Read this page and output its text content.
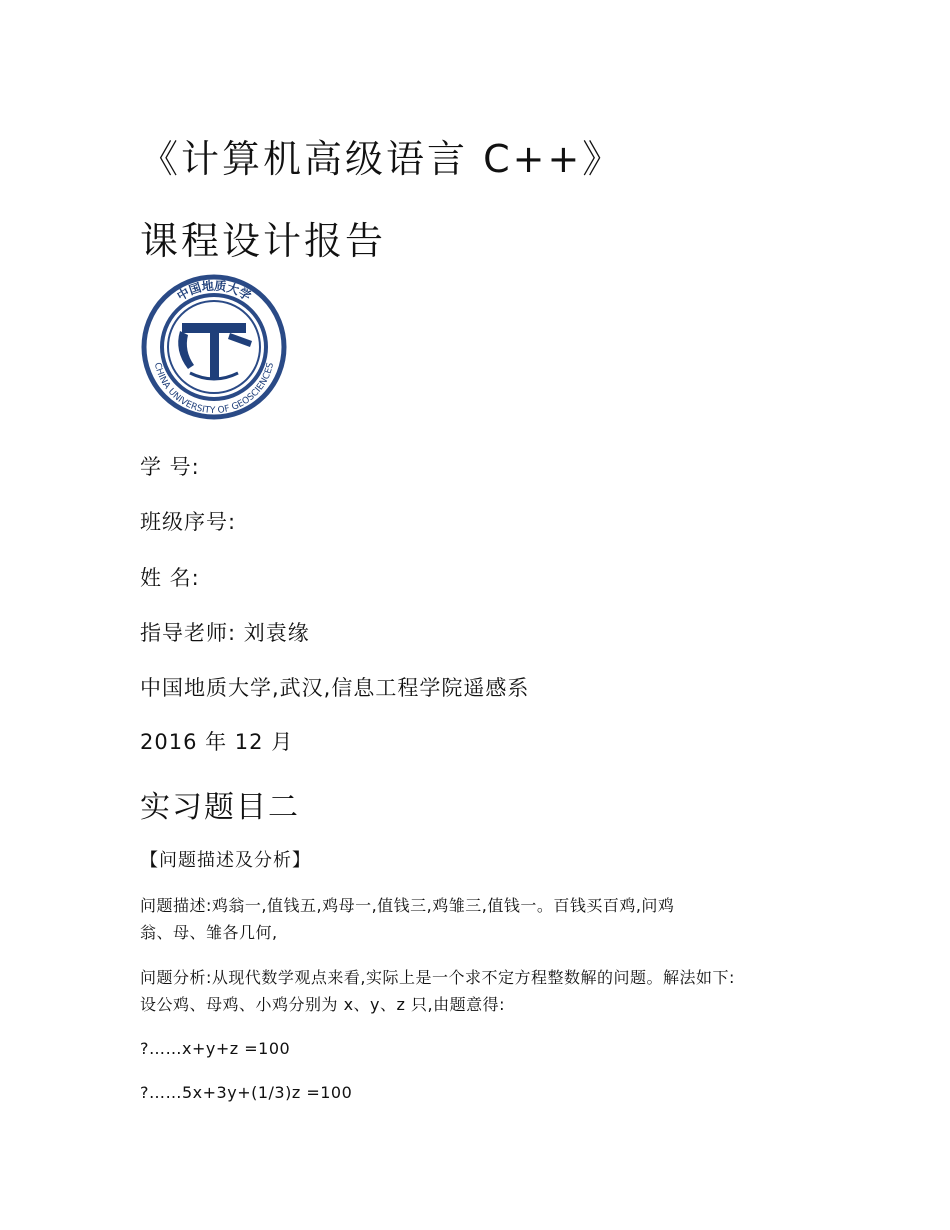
《计算机高级语言 C++》
课程设计报告
中国地质大学
CHINA UNIVERSITY OF GEOSCIENCES
学 号:
班级序号:
姓 名:
指导老师: 刘袁缘
中国地质大学,武汉,信息工程学院遥感系
2016 年 12 月
实习题目二
【问题描述及分析】
问题描述:鸡翁一,值钱五,鸡母一,值钱三,鸡雏三,值钱一。百钱买百鸡,问鸡
翁、母、雏各几何,
问题分析:从现代数学观点来看,实际上是一个求不定方程整数解的问题。解法如下:
设公鸡、母鸡、小鸡分别为 x、y、z 只,由题意得:
?……x+y+z =100
?……5x+3y+(1/3)z =100
